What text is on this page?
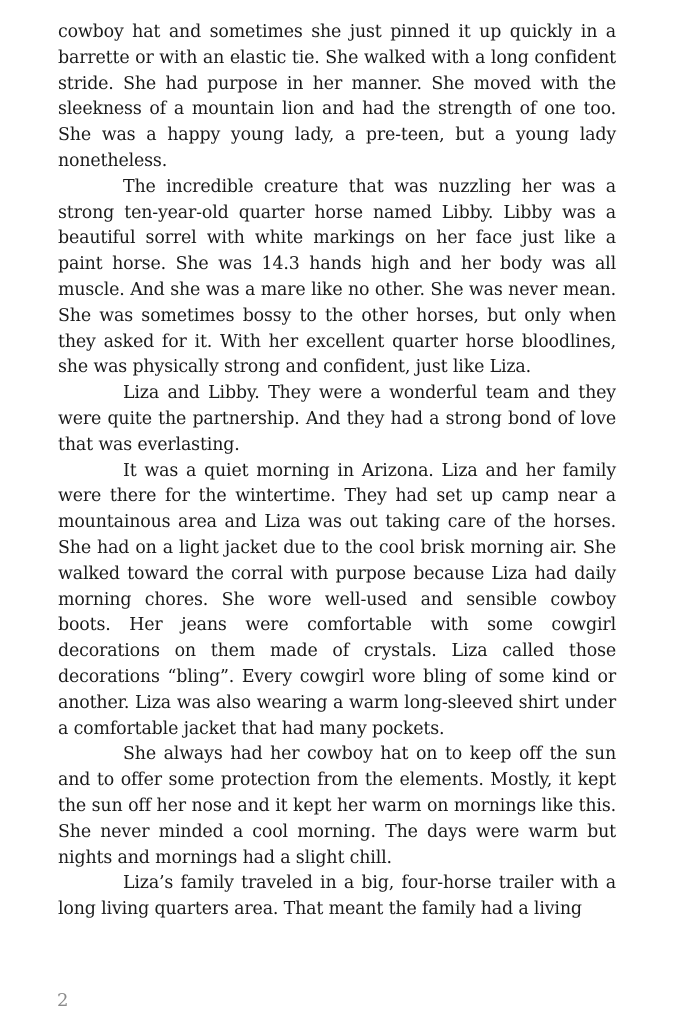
cowboy hat and sometimes she just pinned it up quickly in a barrette or with an elastic tie. She walked with a long confident stride. She had purpose in her manner. She moved with the sleekness of a mountain lion and had the strength of one too. She was a happy young lady, a pre-teen, but a young lady nonetheless.

The incredible creature that was nuzzling her was a strong ten-year-old quarter horse named Libby. Libby was a beautiful sorrel with white markings on her face just like a paint horse. She was 14.3 hands high and her body was all muscle. And she was a mare like no other. She was never mean. She was sometimes bossy to the other horses, but only when they asked for it. With her excellent quarter horse bloodlines, she was physically strong and confident, just like Liza.

Liza and Libby. They were a wonderful team and they were quite the partnership. And they had a strong bond of love that was everlasting.

It was a quiet morning in Arizona. Liza and her family were there for the wintertime. They had set up camp near a mountainous area and Liza was out taking care of the horses. She had on a light jacket due to the cool brisk morning air. She walked toward the corral with purpose because Liza had daily morning chores. She wore well-used and sensible cowboy boots. Her jeans were comfortable with some cowgirl decorations on them made of crystals. Liza called those decorations “bling”. Every cowgirl wore bling of some kind or another. Liza was also wearing a warm long-sleeved shirt under a comfortable jacket that had many pockets.

She always had her cowboy hat on to keep off the sun and to offer some protection from the elements. Mostly, it kept the sun off her nose and it kept her warm on mornings like this. She never minded a cool morning. The days were warm but nights and mornings had a slight chill.

Liza’s family traveled in a big, four-horse trailer with a long living quarters area. That meant the family had a living

2
